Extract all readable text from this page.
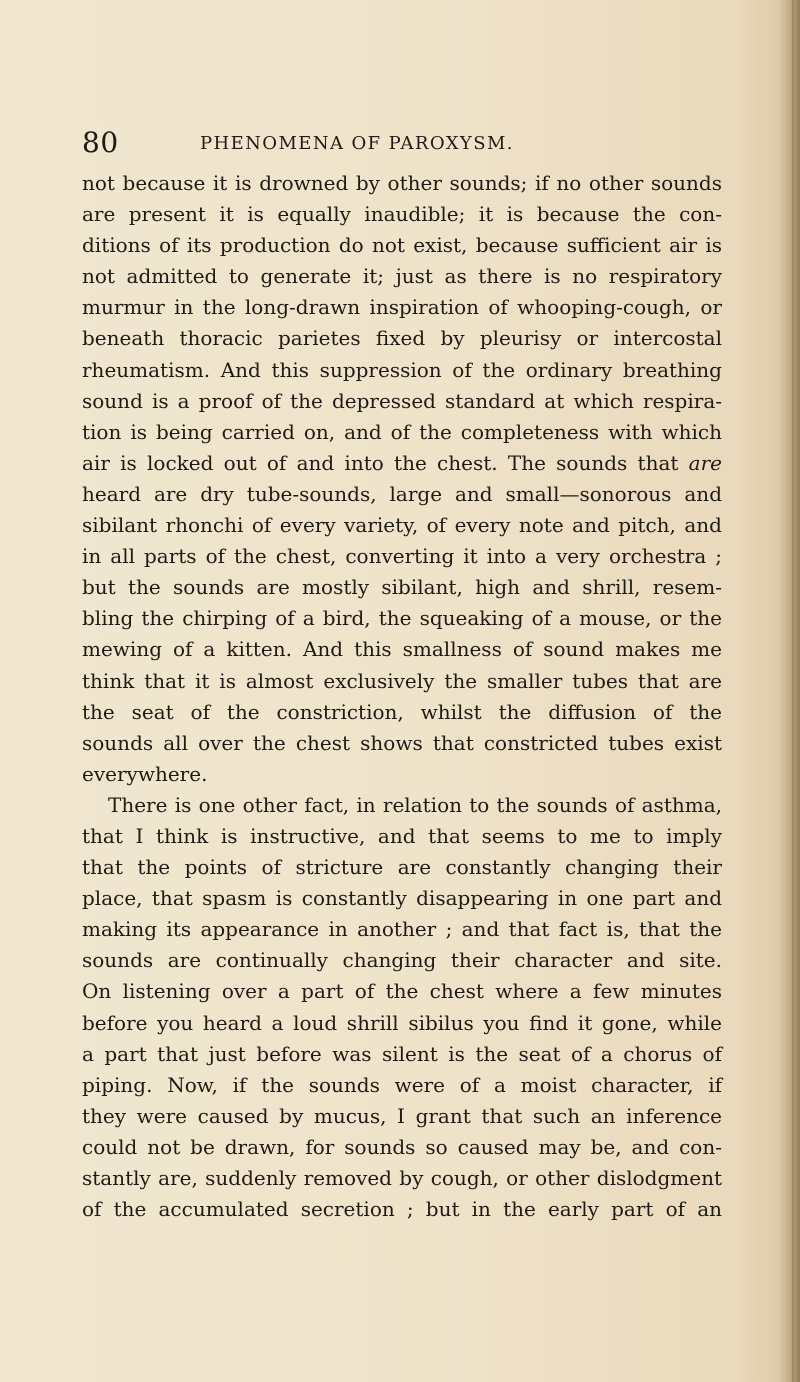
80	PHENOMENA OF PAROXYSM.
not because it is drowned by other sounds; if no other sounds
are present it is equally inaudible; it is because the con-
ditions of its production do not exist, because sufficient air is
not admitted to generate it; just as there is no respiratory
murmur in the long-drawn inspiration of whooping-cough, or
beneath thoracic parietes fixed by pleurisy or intercostal
rheumatism. And this suppression of the ordinary breathing
sound is a proof of the depressed standard at which respira-
tion is being carried on, and of the completeness with which
air is locked out of and into the chest. The sounds that are
heard are dry tube-sounds, large and small—sonorous and
sibilant rhonchi of every variety, of every note and pitch, and
in all parts of the chest, converting it into a very orchestra ;
but the sounds are mostly sibilant, high and shrill, resem-
bling the chirping of a bird, the squeaking of a mouse, or the
mewing of a kitten. And this smallness of sound makes me
think that it is almost exclusively the smaller tubes that are
the seat of the constriction, whilst the diffusion of the
sounds all over the chest shows that constricted tubes exist
everywhere.
There is one other fact, in relation to the sounds of asthma,
that I think is instructive, and that seems to me to imply
that the points of stricture are constantly changing their
place, that spasm is constantly disappearing in one part and
making its appearance in another ; and that fact is, that the
sounds are continually changing their character and site.
On listening over a part of the chest where a few minutes
before you heard a loud shrill sibilus you find it gone, while
a part that just before was silent is the seat of a chorus of
piping. Now, if the sounds were of a moist character, if
they were caused by mucus, I grant that such an inference
could not be drawn, for sounds so caused may be, and con-
stantly are, suddenly removed by cough, or other dislodgment
of the accumulated secretion ; but in the early part of an
